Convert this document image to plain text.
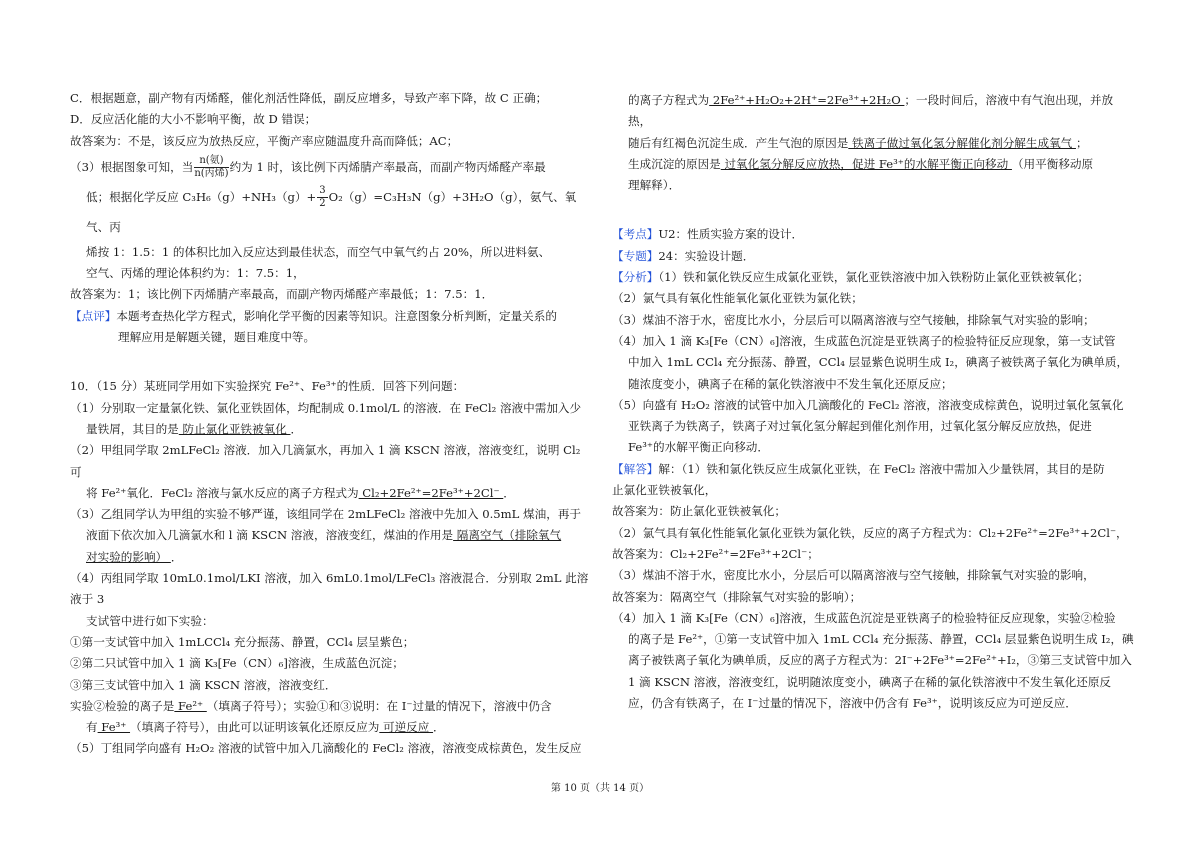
C．根据题意，副产物有丙烯醛，催化剂活性降低，副反应增多，导致产率下降，故 C 正确；

D．反应活化能的大小不影响平衡，故 D 错误；

故答案为：不是，该反应为放热反应，平衡产率应随温度升高而降低；AC；

（3）根据图象可知，当 $\frac{\text{n(氨)}}{\text{n(丙烯)}}$ 约为 1 时，该比例下丙烯腈产率最高，而副产物丙烯醛产率最

低；根据化学反应 $C_3H_6(g)+NH_3(g)+ \frac{3}{2} O_2(g)=C_3H_3N(g)+3H_2O(g)$，氨气、氧气、丙

烯按 1：1.5：1 的体积比加入反应达到最佳状态，而空气中氧气约占 20%，所以进料氨、

空气、丙烯的理论体积约为：1：7.5：1，

故答案为：1；该比例下丙烯腈产率最高，而副产物丙烯醛产率最低；1：7.5：1．

【点评】本题考查热化学方程式，影响化学平衡的因素等知识。注意图象分析判断，定量关系的

理解应用是解题关键，题目难度中等。

10．（15 分）某班同学用如下实验探究 Fe²⁺、Fe³⁺的性质．回答下列问题：

（1）分别取一定量氯化铁、氯化亚铁固体，均配制成 0.1mol/L 的溶液．在 FeCl₂ 溶液中需加入少

量铁屑，其目的是 防止氯化亚铁被氧化 ．

（2）甲组同学取 2mLFeCl₂ 溶液．加入几滴氯水，再加入 1 滴 KSCN 溶液，溶液变红，说明 Cl₂ 可

将 Fe²⁺氧化．FeCl₂ 溶液与氯水反应的离子方程式为 Cl₂+2Fe²⁺=2Fe³⁺+2Cl⁻ ．

（3）乙组同学认为甲组的实验不够严谨，该组同学在 2mLFeCl₂ 溶液中先加入 0.5mL 煤油，再于

液面下依次加入几滴氯水和 l 滴 KSCN 溶液，溶液变红，煤油的作用是 隔离空气（排除氧气

对实验的影响） ．

（4）丙组同学取 10mL0.1mol/LKI 溶液，加入 6mL0.1mol/LFeCl₃ 溶液混合．分别取 2mL 此溶液于 3

支试管中进行如下实验：

①第一支试管中加入 1mLCCl₄ 充分振荡、静置，CCl₄ 层呈紫色；

②第二只试管中加入 1 滴 K₃[Fe（CN）₆]溶液，生成蓝色沉淀；

③第三支试管中加入 1 滴 KSCN 溶液，溶液变红．

实验②检验的离子是 Fe²⁺ （填离子符号）；实验①和③说明：在 I⁻过量的情况下，溶液中仍含

有 Fe³⁺ （填离子符号），由此可以证明该氧化还原反应为 可逆反应 ．

（5）丁组同学向盛有 H₂O₂ 溶液的试管中加入几滴酸化的 FeCl₂ 溶液，溶液变成棕黄色，发生反应

的离子方程式为 2Fe²⁺+H₂O₂+2H⁺=2Fe³⁺+2H₂O ；一段时间后，溶液中有气泡出现，并放热，

随后有红褐色沉淀生成．产生气泡的原因是 铁离子做过氧化氢分解催化剂分解生成氧气 ；

生成沉淀的原因是 过氧化氢分解反应放热，促进 Fe³⁺的水解平衡正向移动 （用平衡移动原

理解释）．

【考点】U2：性质实验方案的设计．

【专题】24：实验设计题．

【分析】（1）铁和氯化铁反应生成氯化亚铁，氯化亚铁溶液中加入铁粉防止氯化亚铁被氧化；

（2）氯气具有氧化性能氧化氯化亚铁为氯化铁；

（3）煤油不溶于水，密度比水小，分层后可以隔离溶液与空气接触，排除氧气对实验的影响；

（4）加入 1 滴 K₃[Fe（CN）₆]溶液，生成蓝色沉淀是亚铁离子的检验特征反应现象，第一支试管

中加入 1mL CCl₄ 充分振荡、静置，CCl₄ 层显紫色说明生成 I₂，碘离子被铁离子氧化为碘单质，

随浓度变小，碘离子在稀的氯化铁溶液中不发生氧化还原反应；

（5）向盛有 H₂O₂ 溶液的试管中加入几滴酸化的 FeCl₂ 溶液，溶液变成棕黄色，说明过氧化氢氧化

亚铁离子为铁离子，铁离子对过氧化氢分解起到催化剂作用，过氧化氢分解反应放热，促进

Fe³⁺的水解平衡正向移动．

【解答】解：（1）铁和氯化铁反应生成氯化亚铁，在 FeCl₂ 溶液中需加入少量铁屑，其目的是防

止氯化亚铁被氧化，

故答案为：防止氯化亚铁被氧化；

（2）氯气具有氧化性能氧化氯化亚铁为氯化铁，反应的离子方程式为：Cl₂+2Fe²⁺=2Fe³⁺+2Cl⁻，

故答案为：Cl₂+2Fe²⁺=2Fe³⁺+2Cl⁻；

（3）煤油不溶于水，密度比水小，分层后可以隔离溶液与空气接触，排除氧气对实验的影响，

故答案为：隔离空气（排除氧气对实验的影响）；

（4）加入 1 滴 K₃[Fe（CN）₆]溶液，生成蓝色沉淀是亚铁离子的检验特征反应现象，实验②检验

的离子是 Fe²⁺，①第一支试管中加入 1mL CCl₄ 充分振荡、静置，CCl₄ 层显紫色说明生成 I₂，碘

离子被铁离子氧化为碘单质，反应的离子方程式为：2I⁻+2Fe³⁺=2Fe²⁺+I₂，③第三支试管中加入

1 滴 KSCN 溶液，溶液变红，说明随浓度变小，碘离子在稀的氯化铁溶液中不发生氧化还原反

应，仍含有铁离子，在 I⁻过量的情况下，溶液中仍含有 Fe³⁺，说明该反应为可逆反应．

第 10 页（共 14 页）
